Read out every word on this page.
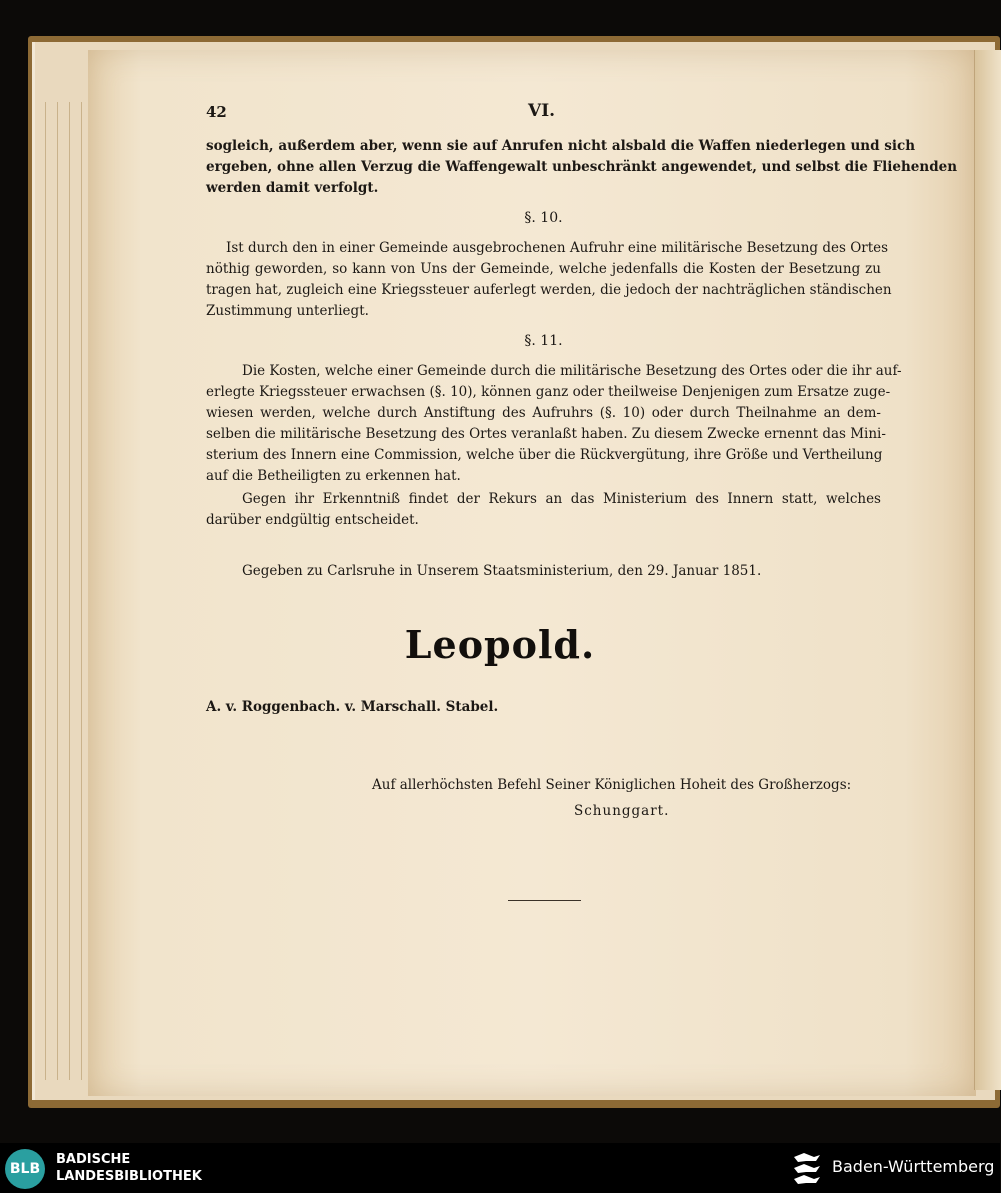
42	VI.
sogleich, außerdem aber, wenn sie auf Anrufen nicht alsbald die Waffen niederlegen und sich
ergeben, ohne allen Verzug die Waffengewalt unbeschränkt angewendet, und selbst die Fliehenden
werden damit verfolgt.
§. 10.
Ist durch den in einer Gemeinde ausgebrochenen Aufruhr eine militärische Besetzung des Ortes
nöthig geworden, so kann von Uns der Gemeinde, welche jedenfalls die Kosten der Besetzung zu
tragen hat, zugleich eine Kriegssteuer auferlegt werden, die jedoch der nachträglichen ständischen
Zustimmung unterliegt.
§. 11.
Die Kosten, welche einer Gemeinde durch die militärische Besetzung des Ortes oder die ihr auf-
erlegte Kriegssteuer erwachsen (§. 10), können ganz oder theilweise Denjenigen zum Ersatze zuge-
wiesen werden, welche durch Anstiftung des Aufruhrs (§. 10) oder durch Theilnahme an dem-
selben die militärische Besetzung des Ortes veranlaßt haben. Zu diesem Zwecke ernennt das Mini-
sterium des Innern eine Commission, welche über die Rückvergütung, ihre Größe und Vertheilung
auf die Betheiligten zu erkennen hat.
Gegen ihr Erkenntniß findet der Rekurs an das Ministerium des Innern statt, welches
darüber endgültig entscheidet.
Gegeben zu Carlsruhe in Unserem Staatsministerium, den 29. Januar 1851.
Leopold.
A. v. Roggenbach. v. Marschall. Stabel.
Auf allerhöchsten Befehl Seiner Königlichen Hoheit des Großherzogs:
Schunggart.
BLB
BADISCHE
LANDESBIBLIOTHEK
Baden-Württemberg
